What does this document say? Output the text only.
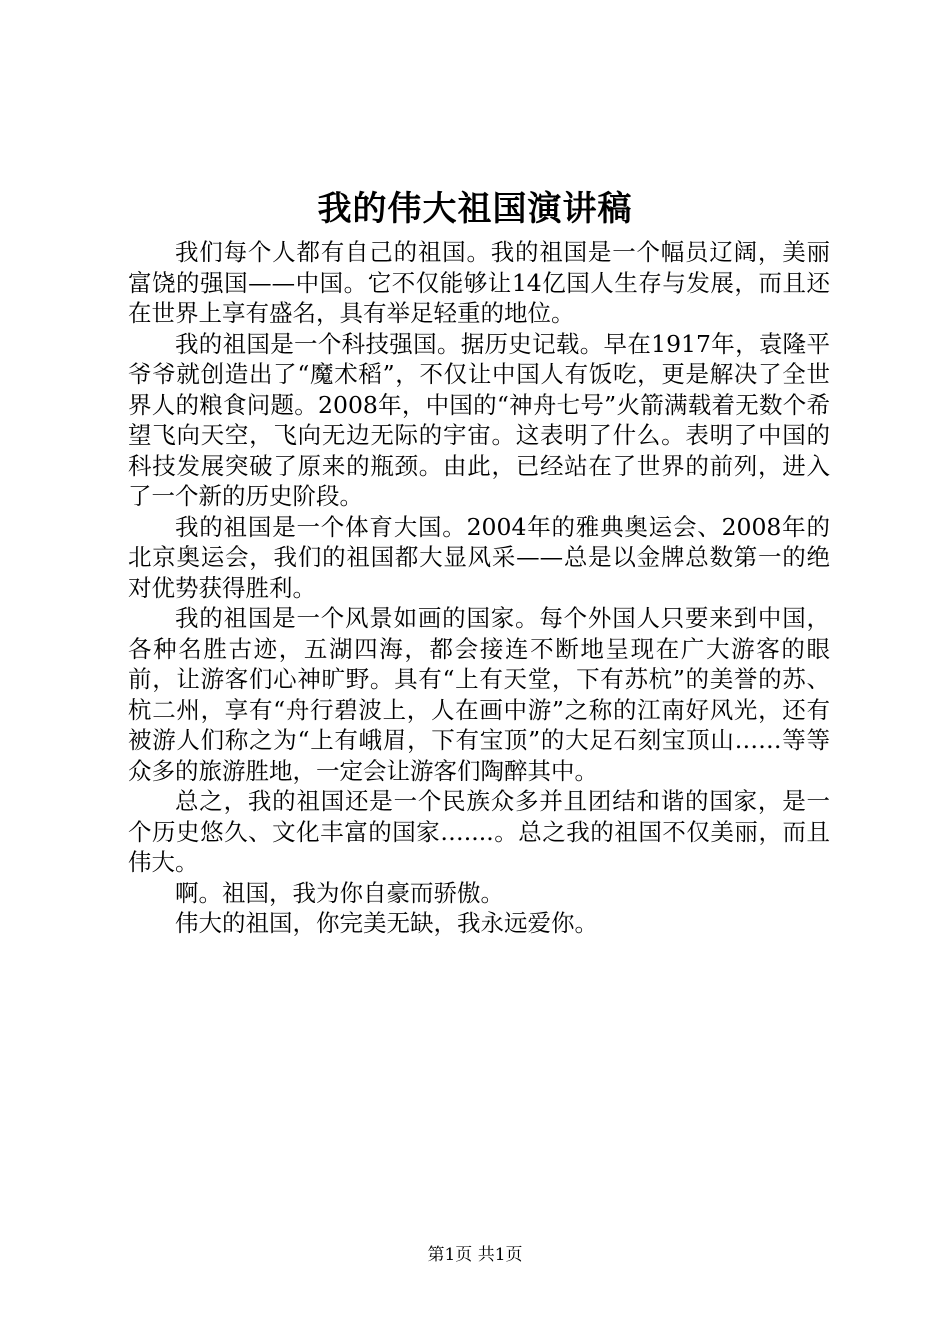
我的伟大祖国演讲稿

我们每个人都有自己的祖国。我的祖国是一个幅员辽阔，美丽富饶的强国——中国。它不仅能够让14亿国人生存与发展，而且还在世界上享有盛名，具有举足轻重的地位。

我的祖国是一个科技强国。据历史记载。早在1917年，袁隆平爷爷就创造出了“魔术稻”，不仅让中国人有饭吃，更是解决了全世界人的粮食问题。2008年，中国的“神舟七号”火箭满载着无数个希望飞向天空，飞向无边无际的宇宙。这表明了什么。表明了中国的科技发展突破了原来的瓶颈。由此，已经站在了世界的前列，进入了一个新的历史阶段。

我的祖国是一个体育大国。2004年的雅典奥运会、2008年的北京奥运会，我们的祖国都大显风采——总是以金牌总数第一的绝对优势获得胜利。

我的祖国是一个风景如画的国家。每个外国人只要来到中国，各种名胜古迹，五湖四海，都会接连不断地呈现在广大游客的眼前，让游客们心神旷野。具有“上有天堂，下有苏杭”的美誉的苏、杭二州，享有“舟行碧波上，人在画中游”之称的江南好风光，还有被游人们称之为“上有峨眉，下有宝顶”的大足石刻宝顶山……等等众多的旅游胜地，一定会让游客们陶醉其中。

总之，我的祖国还是一个民族众多并且团结和谐的国家，是一个历史悠久、文化丰富的国家…....。总之我的祖国不仅美丽，而且伟大。

啊。祖国，我为你自豪而骄傲。

伟大的祖国，你完美无缺，我永远爱你。

第1页 共1页
